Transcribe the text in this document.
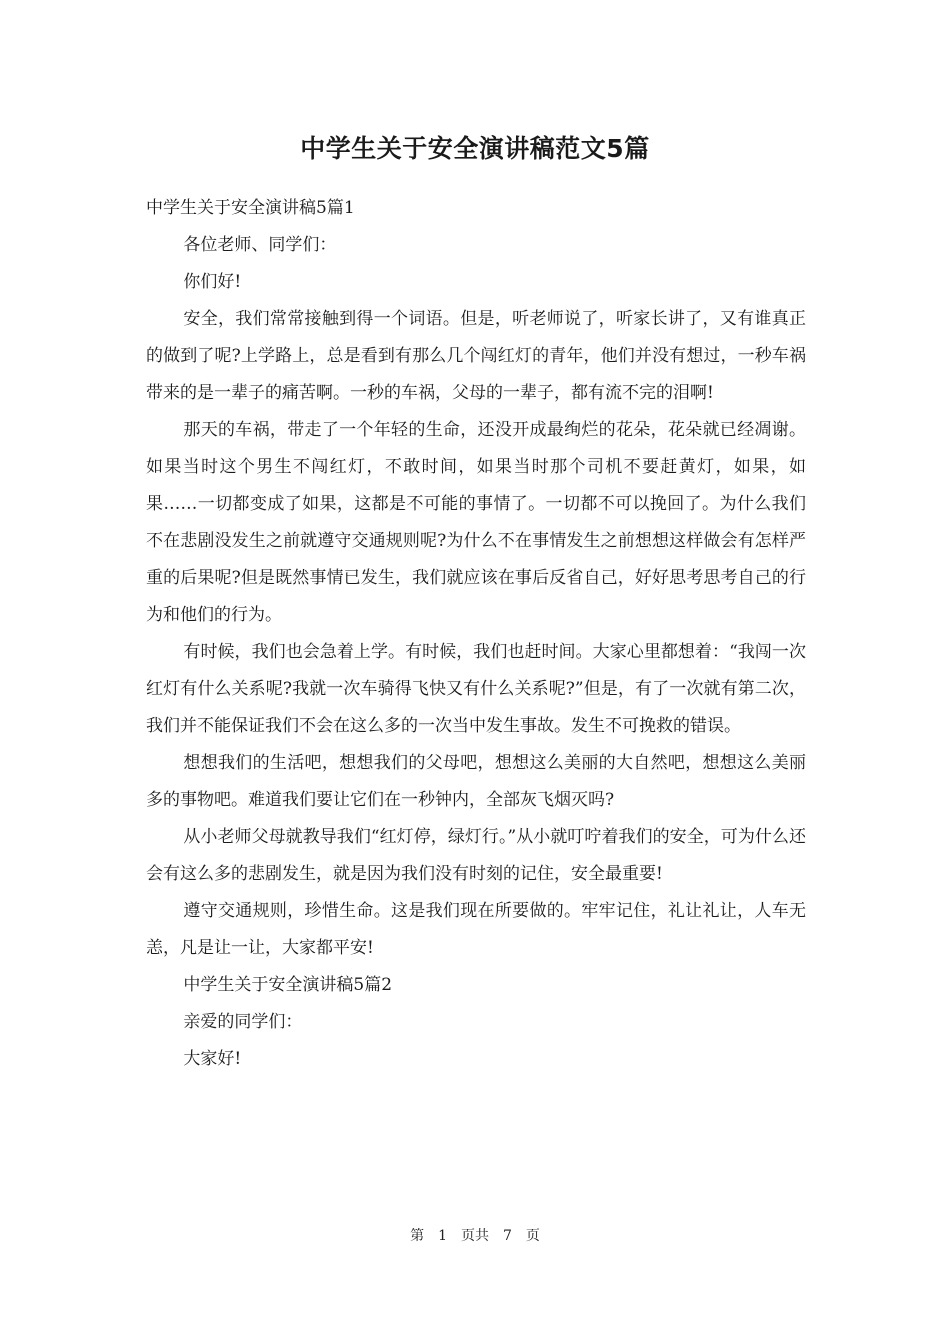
中学生关于安全演讲稿范文5篇

中学生关于安全演讲稿5篇1

各位老师、同学们：

你们好!

安全，我们常常接触到得一个词语。但是，听老师说了，听家长讲了，又有谁真正的做到了呢?上学路上，总是看到有那么几个闯红灯的青年，他们并没有想过，一秒车祸带来的是一辈子的痛苦啊。一秒的车祸，父母的一辈子，都有流不完的泪啊!

那天的车祸，带走了一个年轻的生命，还没开成最绚烂的花朵，花朵就已经凋谢。如果当时这个男生不闯红灯，不敢时间，如果当时那个司机不要赶黄灯，如果，如果……一切都变成了如果，这都是不可能的事情了。一切都不可以挽回了。为什么我们不在悲剧没发生之前就遵守交通规则呢?为什么不在事情发生之前想想这样做会有怎样严重的后果呢?但是既然事情已发生，我们就应该在事后反省自己，好好思考思考自己的行为和他们的行为。

有时候，我们也会急着上学。有时候，我们也赶时间。大家心里都想着：“我闯一次红灯有什么关系呢?我就一次车骑得飞快又有什么关系呢?”但是，有了一次就有第二次，我们并不能保证我们不会在这么多的一次当中发生事故。发生不可挽救的错误。

想想我们的生活吧，想想我们的父母吧，想想这么美丽的大自然吧，想想这么美丽多的事物吧。难道我们要让它们在一秒钟内，全部灰飞烟灭吗?

从小老师父母就教导我们“红灯停，绿灯行。”从小就叮咛着我们的安全，可为什么还会有这么多的悲剧发生，就是因为我们没有时刻的记住，安全最重要!

遵守交通规则，珍惜生命。这是我们现在所要做的。牢牢记住，礼让礼让，人车无恙，凡是让一让，大家都平安!

中学生关于安全演讲稿5篇2

亲爱的同学们：

大家好!

第 1 页共 7 页
